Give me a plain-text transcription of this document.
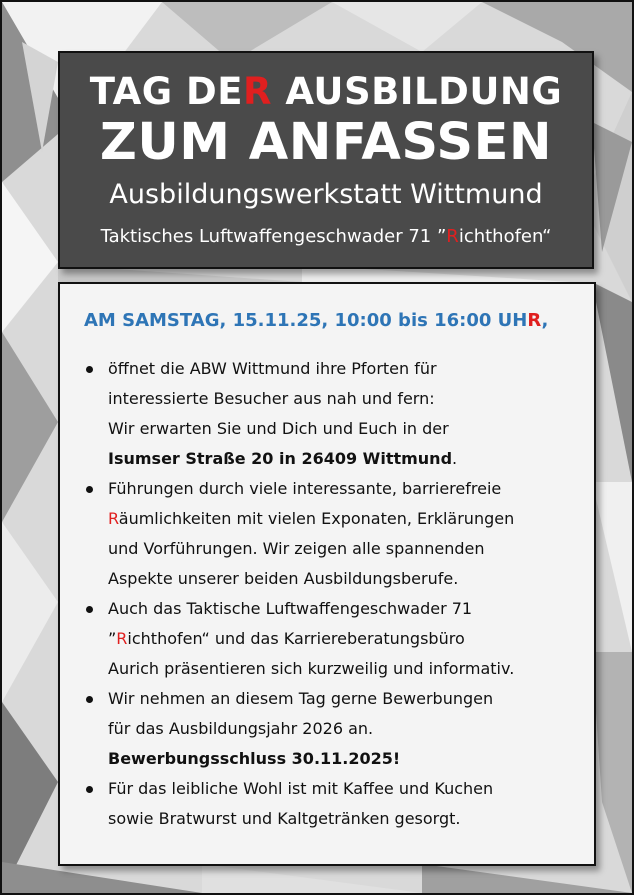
TAG DER AUSBILDUNG
ZUM ANFASSEN
Ausbildungswerkstatt Wittmund
Taktisches Luftwaffengeschwader 71 ”Richthofen“
AM SAMSTAG, 15.11.25, 10:00 bis 16:00 UHR,
öffnet die ABW Wittmund ihre Pforten für
interessierte Besucher aus nah und fern:
Wir erwarten Sie und Dich und Euch in der
Isumser Straße 20 in 26409 Wittmund.
Führungen durch viele interessante, barrierefreie
Räumlichkeiten mit vielen Exponaten, Erklärungen
und Vorführungen. Wir zeigen alle spannenden
Aspekte unserer beiden Ausbildungsberufe.
Auch das Taktische Luftwaffengeschwader 71
”Richthofen“ und das Karriereberatungsbüro
Aurich präsentieren sich kurzweilig und informativ.
Wir nehmen an diesem Tag gerne Bewerbungen
für das Ausbildungsjahr 2026 an.
Bewerbungsschluss 30.11.2025!
Für das leibliche Wohl ist mit Kaffee und Kuchen
sowie Bratwurst und Kaltgetränken gesorgt.
